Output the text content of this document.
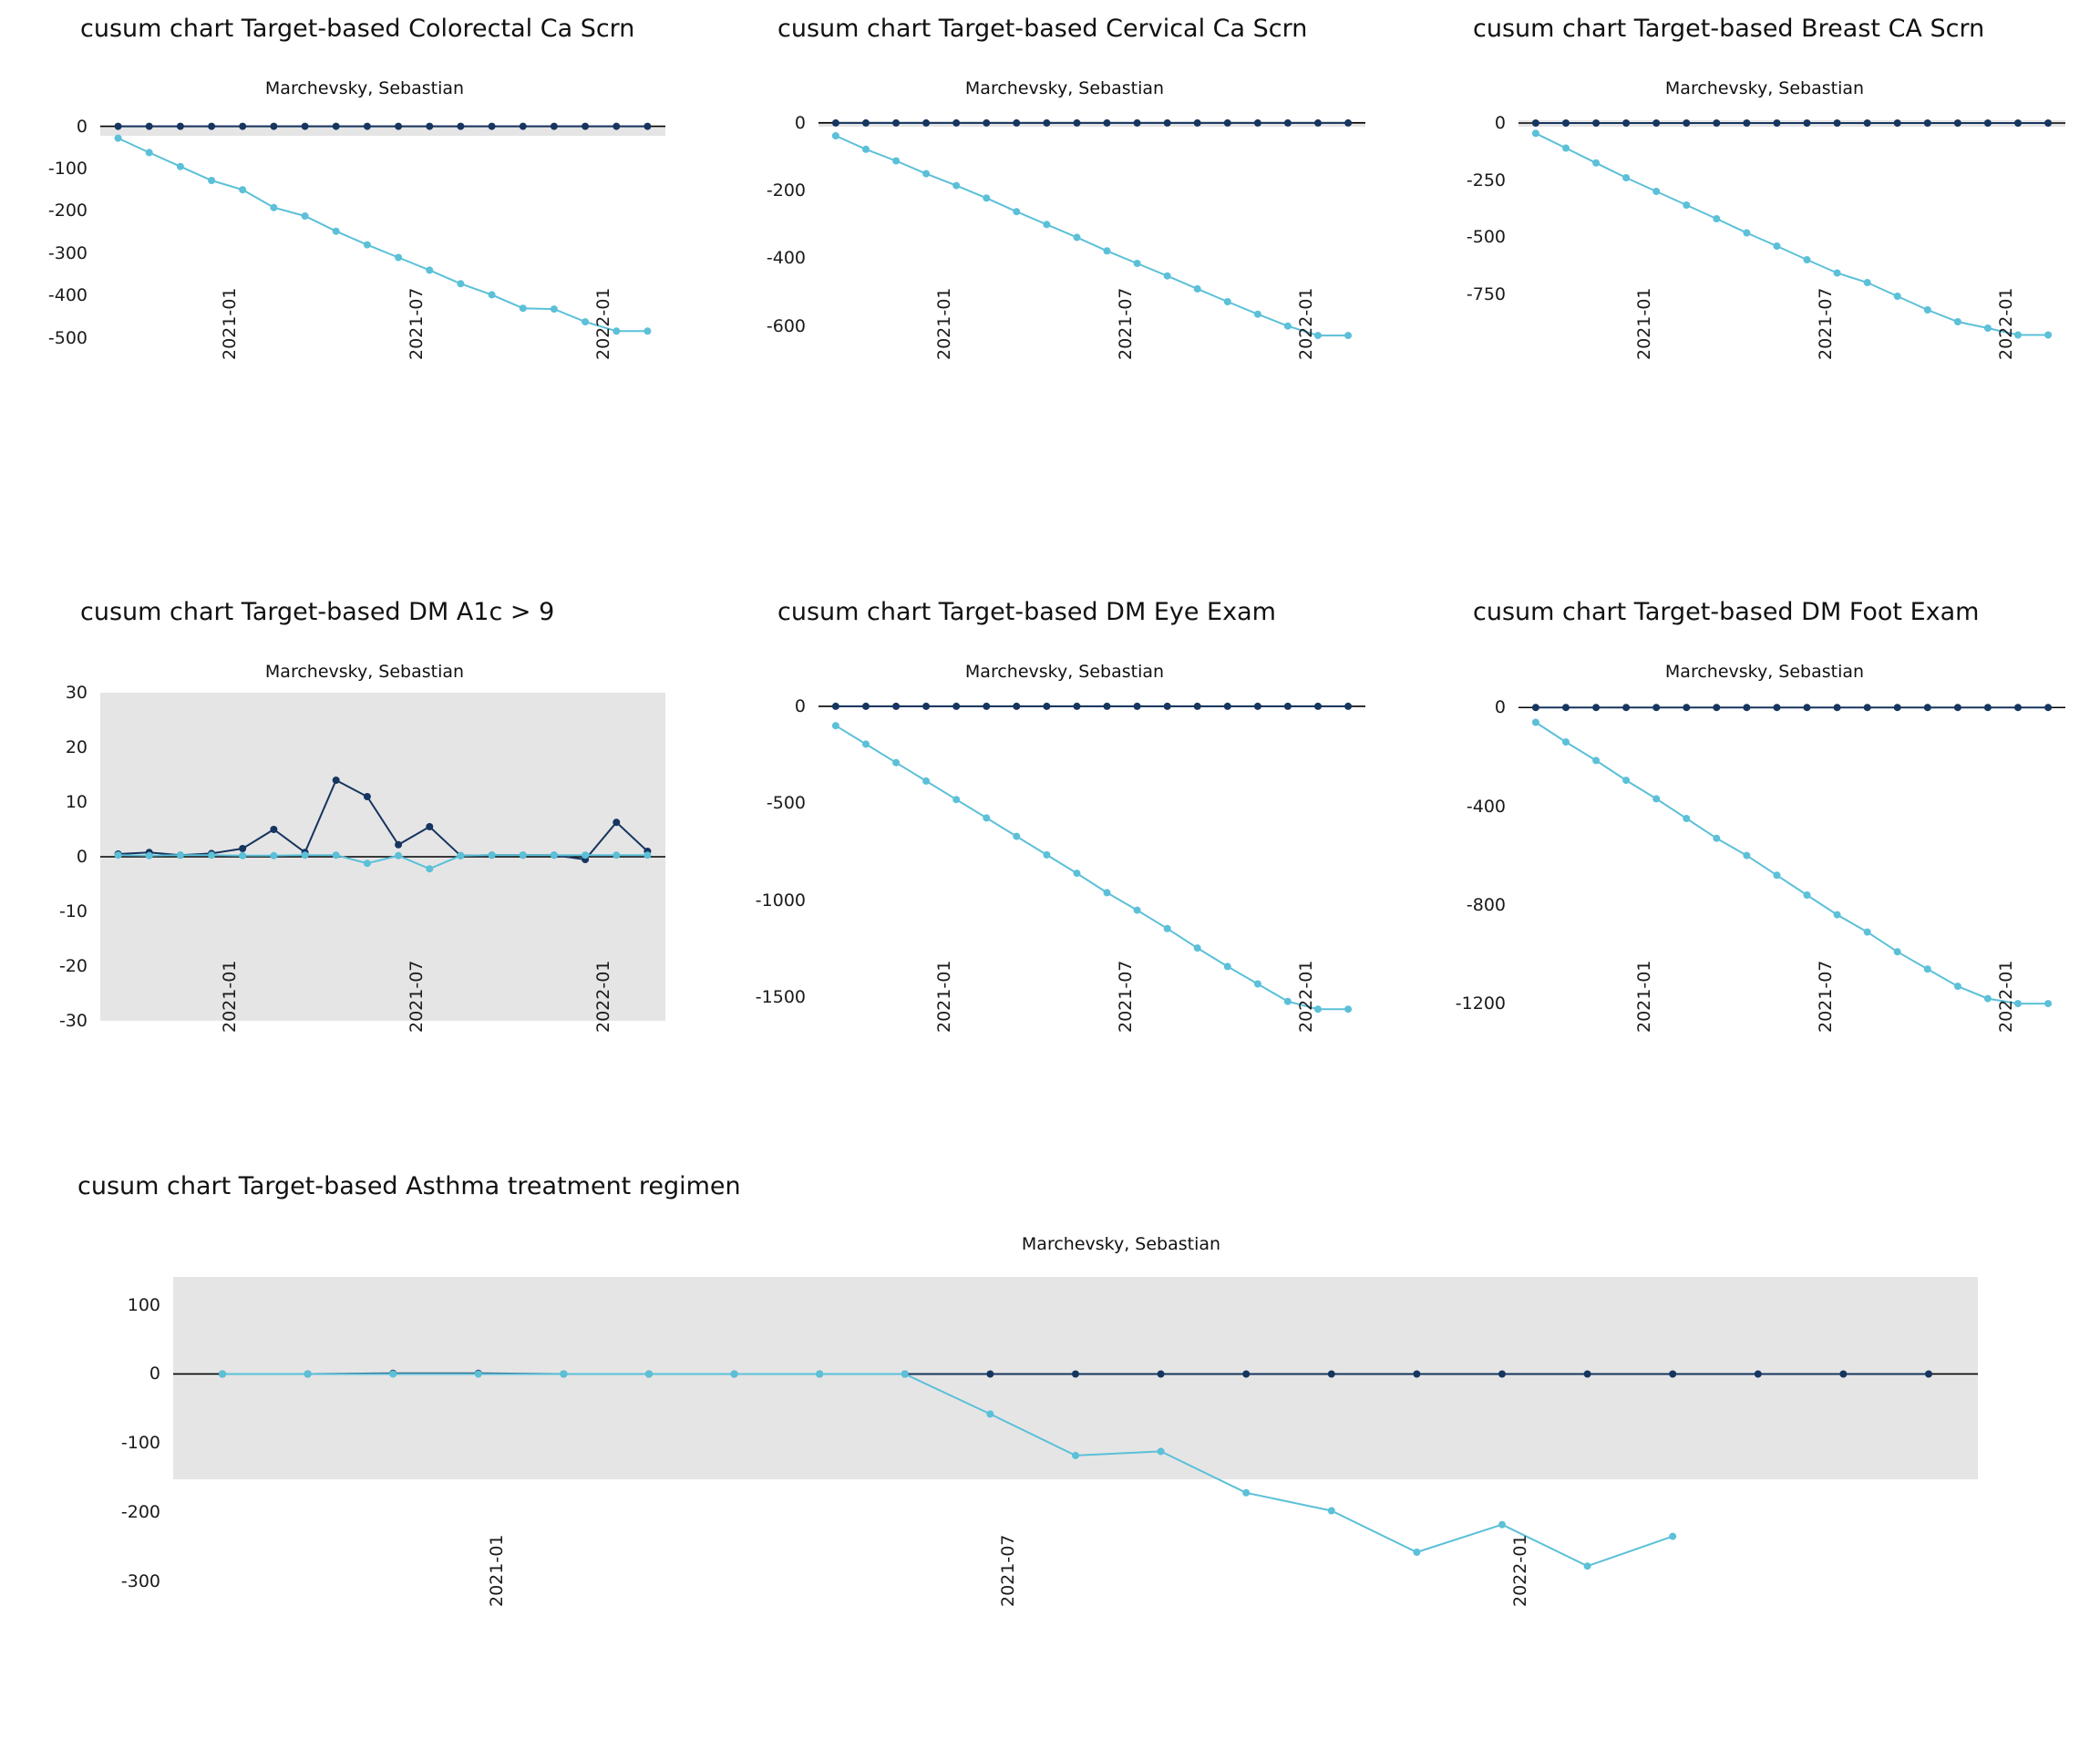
cusum chart Target-based Colorectal Ca Scrn
Marchevsky, Sebastian
0
-100
-200
-300
-400
-500	2021-01	2021-07	2022-01
cusum chart Target-based Cervical Ca Scrn
Marchevsky, Sebastian
0
-200
-400
-600	2021-01	2021-07	2022-01
cusum chart Target-based Breast CA Scrn
Marchevsky, Sebastian
0
-250
-500
-750	2021-01	2021-07	2022-01
cusum chart Target-based DM A1c > 9
Marchevsky, Sebastian
30
20
10
0
-10
-20
-30	2021-01	2021-07	2022-01
cusum chart Target-based DM Eye Exam
Marchevsky, Sebastian
0
-500
-1000
-1500	2021-01	2021-07	2022-01
cusum chart Target-based DM Foot Exam
Marchevsky, Sebastian
0
-400
-800
-1200	2021-01	2021-07	2022-01
cusum chart Target-based Asthma treatment regimen
Marchevsky, Sebastian
100
0
-100
-200
-300	2021-01	2021-07	2022-01
